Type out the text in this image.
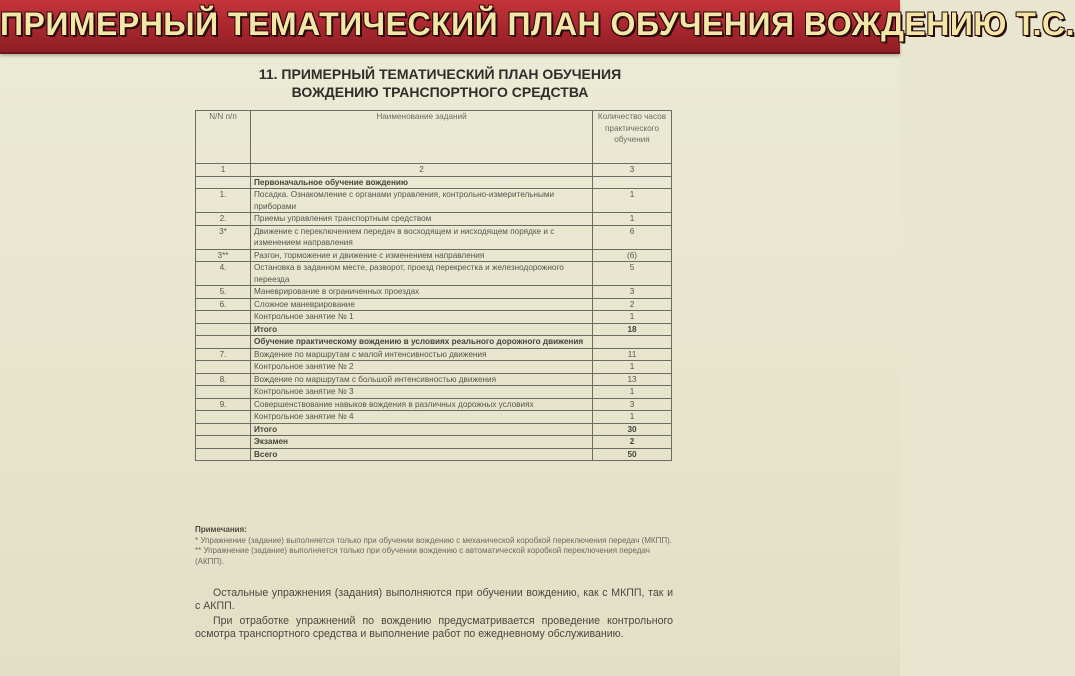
ПРИМЕРНЫЙ ТЕМАТИЧЕСКИЙ ПЛАН ОБУЧЕНИЯ ВОЖДЕНИЮ Т.С.
11. ПРИМЕРНЫЙ ТЕМАТИЧЕСКИЙ ПЛАН ОБУЧЕНИЯ
ВОЖДЕНИЮ ТРАНСПОРТНОГО СРЕДСТВА
N/N п/п	Наименование заданий	Количество часов практического обучения
1	2	3
	Первоначальное обучение вождению	
1.	Посадка. Ознакомление с органами управления, контрольно-измерительными приборами	1
2.	Приемы управления транспортным средством	1
3*	Движение с переключением передач в восходящем и нисходящем порядке и с изменением направления	6
3**	Разгон, торможение и движение с изменением направления	(6)
4.	Остановка в заданном месте, разворот, проезд перекрестка и железнодорожного переезда	5
5.	Маневрирование в ограниченных проездах	3
6.	Сложное маневрирование	2
	Контрольное занятие № 1	1
	Итого	18
	Обучение практическому вождению в условиях реального дорожного движения	
7.	Вождение по маршрутам с малой интенсивностью движения	11
	Контрольное занятие № 2	1
8.	Вождение по маршрутам с большой интенсивностью движения	13
	Контрольное занятие № 3	1
9.	Совершенствование навыков вождения в различных дорожных условиях	3
	Контрольное занятие № 4	1
	Итого	30
	Экзамен	2
	Всего	50
Примечания:
* Упражнение (задание) выполняется только при обучении вождению с механической коробкой переключения передач (МКПП).
** Упражнение (задание) выполняется только при обучении вождению с автоматической коробкой переключения передач (АКПП).
Остальные упражнения (задания) выполняются при обучении вождению, как с МКПП, так и с АКПП.
При отработке упражнений по вождению предусматривается проведение контрольного осмотра транспортного средства и выполнение работ по ежедневному обслуживанию.
